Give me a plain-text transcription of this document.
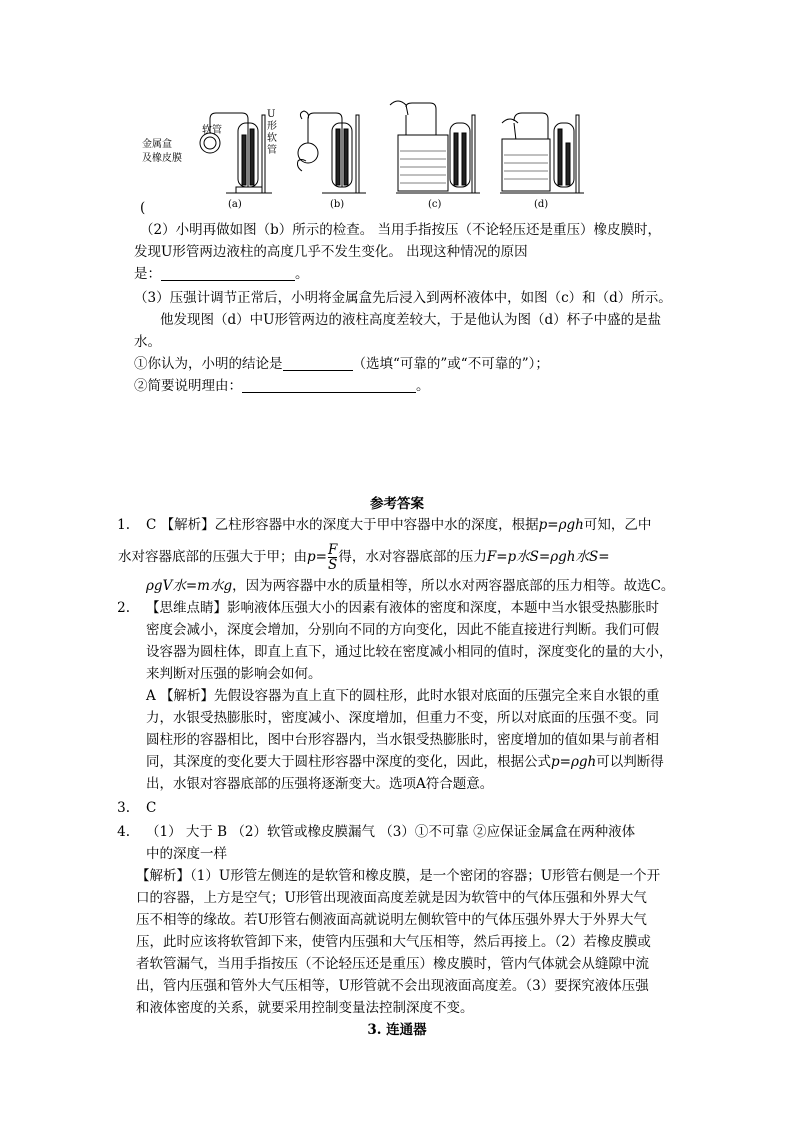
金属盒
及橡皮膜
软管
U形软管
(a)	(b)	(c)	(d)
(
（2）小明再做如图（b）所示的检查。 当用手指按压（不论轻压还是重压）橡皮膜时，
发现U形管两边液柱的高度几乎不发生变化。 出现这种情况的原因
是：	。
（3）压强计调节正常后，小明将金属盒先后浸入到两杯液体中，如图（c）和（d）所示。
他发现图（d）中U形管两边的液柱高度差较大，于是他认为图（d）杯子中盛的是盐
水。
①你认为，小明的结论是	（选填“可靠的”或“不可靠的”）；
②简要说明理由：	。
参考答案
1. C 【解析】乙柱形容器中水的深度大于甲中容器中水的深度，根据p=ρgh可知，乙中
水对容器底部的压强大于甲；由$p= \frac{F}{S}$ 得，水对容器底部的压力F=p水S=ρgh水S=
ρgV水=m水g，因为两容器中水的质量相等，所以水对两容器底部的压力相等。故选C。
2. 【思维点睛】影响液体压强大小的因素有液体的密度和深度，本题中当水银受热膨胀时
密度会减小，深度会增加，分别向不同的方向变化，因此不能直接进行判断。我们可假
设容器为圆柱体，即直上直下，通过比较在密度减小相同的值时，深度变化的量的大小，
来判断对压强的影响会如何。
A 【解析】先假设容器为直上直下的圆柱形，此时水银对底面的压强完全来自水银的重
力，水银受热膨胀时，密度减小、深度增加，但重力不变，所以对底面的压强不变。同
圆柱形的容器相比，图中台形容器内，当水银受热膨胀时，密度增加的值如果与前者相
同，其深度的变化要大于圆柱形容器中深度的变化，因此，根据公式p=ρgh可以判断得
出，水银对容器底部的压强将逐渐变大。选项A符合题意。
3. C
4. （1） 大于 B （2）软管或橡皮膜漏气 （3）①不可靠 ②应保证金属盒在两种液体
中的深度一样
【解析】（1）U形管左侧连的是软管和橡皮膜，是一个密闭的容器；U形管右侧是一个开
口的容器，上方是空气；U形管出现液面高度差就是因为软管中的气体压强和外界大气
压不相等的缘故。若U形管右侧液面高就说明左侧软管中的气体压强外界大于外界大气
压，此时应该将软管卸下来，使管内压强和大气压相等，然后再接上。（2）若橡皮膜或
者软管漏气，当用手指按压（不论轻压还是重压）橡皮膜时，管内气体就会从缝隙中流
出，管内压强和管外大气压相等，U形管就不会出现液面高度差。（3）要探究液体压强
和液体密度的关系，就要采用控制变量法控制深度不变。
3. 连通器
